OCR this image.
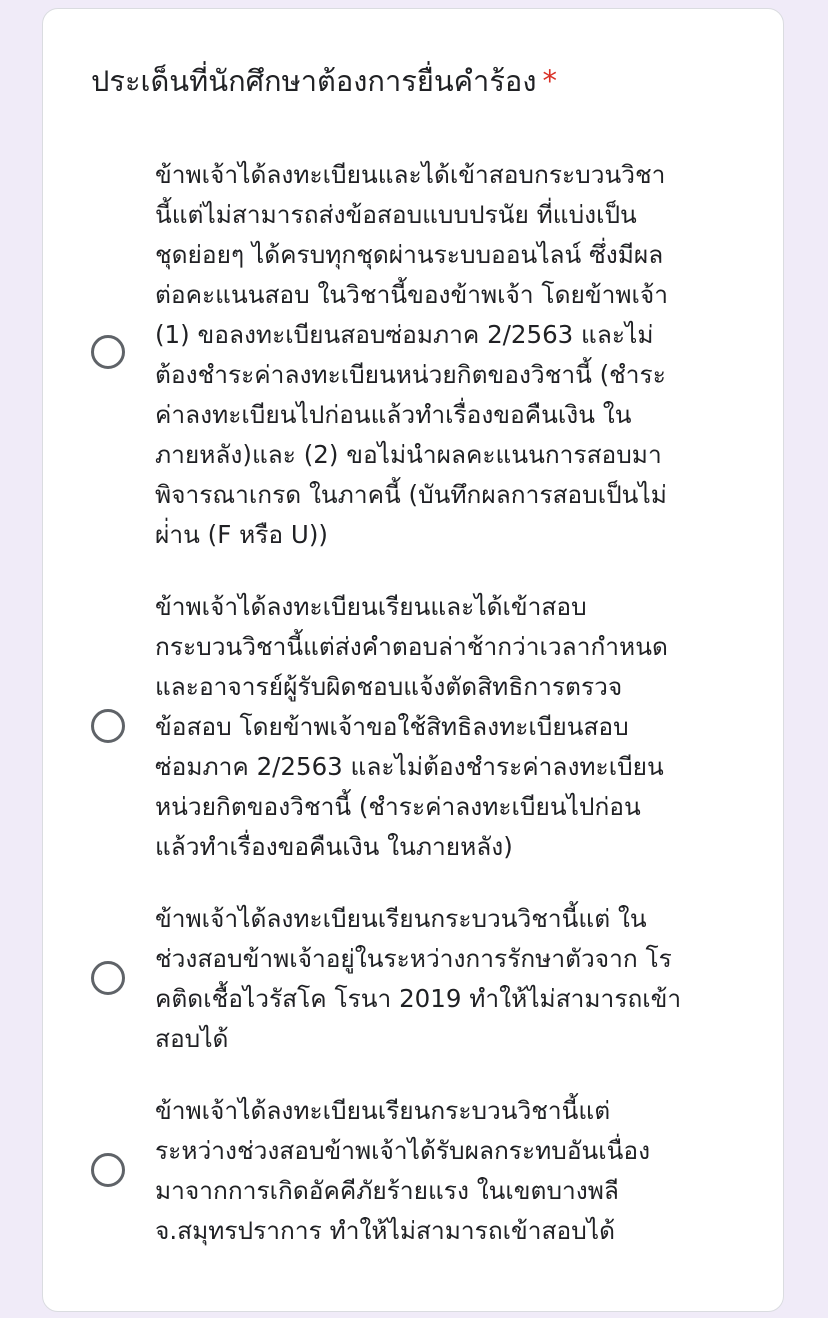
ประเด็นที่นักศึกษาต้องการยื่นคำร้อง *
ข้าพเจ้าได้ลงทะเบียนและได้เข้าสอบกระบวนวิชา
นี้แต่ไม่สามารถส่งข้อสอบแบบปรนัย ที่แบ่งเป็น
ชุดย่อยๆ ได้ครบทุกชุดผ่านระบบออนไลน์ ซึ่งมีผล
ต่อคะแนนสอบ ในวิชานี้ของข้าพเจ้า โดยข้าพเจ้า
(1) ขอลงทะเบียนสอบซ่อมภาค 2/2563 และไม่
ต้องชำระค่าลงทะเบียนหน่วยกิตของวิชานี้ (ชำระ
ค่าลงทะเบียนไปก่อนแล้วทำเรื่องขอคืนเงิน ใน
ภายหลัง)และ (2) ขอไม่นำผลคะแนนการสอบมา
พิจารณาเกรด ในภาคนี้ (บันทึกผลการสอบเป็นไม่
ผ่่าน (F หรือ U))
ข้าพเจ้าได้ลงทะเบียนเรียนและได้เข้าสอบ
กระบวนวิชานี้แต่ส่งคำตอบล่าช้ากว่าเวลากำหนด
และอาจารย์ผู้รับผิดชอบแจ้งตัดสิทธิการตรวจ
ข้อสอบ โดยข้าพเจ้าขอใช้สิทธิลงทะเบียนสอบ
ซ่อมภาค 2/2563 และไม่ต้องชำระค่าลงทะเบียน
หน่วยกิตของวิชานี้ (ชำระค่าลงทะเบียนไปก่อน
แล้วทำเรื่องขอคืนเงิน ในภายหลัง)
ข้าพเจ้าได้ลงทะเบียนเรียนกระบวนวิชานี้แต่ ใน
ช่วงสอบข้าพเจ้าอยู่ในระหว่างการรักษาตัวจาก โร
คติดเชื้อไวรัสโค โรนา 2019 ทำให้ไม่สามารถเข้า
สอบได้
ข้าพเจ้าได้ลงทะเบียนเรียนกระบวนวิชานี้แต่
ระหว่างช่วงสอบข้าพเจ้าได้รับผลกระทบอันเนื่อง
มาจากการเกิดอัคคีภัยร้ายแรง ในเขตบางพลี
จ.สมุทรปราการ ทำให้ไม่สามารถเข้าสอบได้
